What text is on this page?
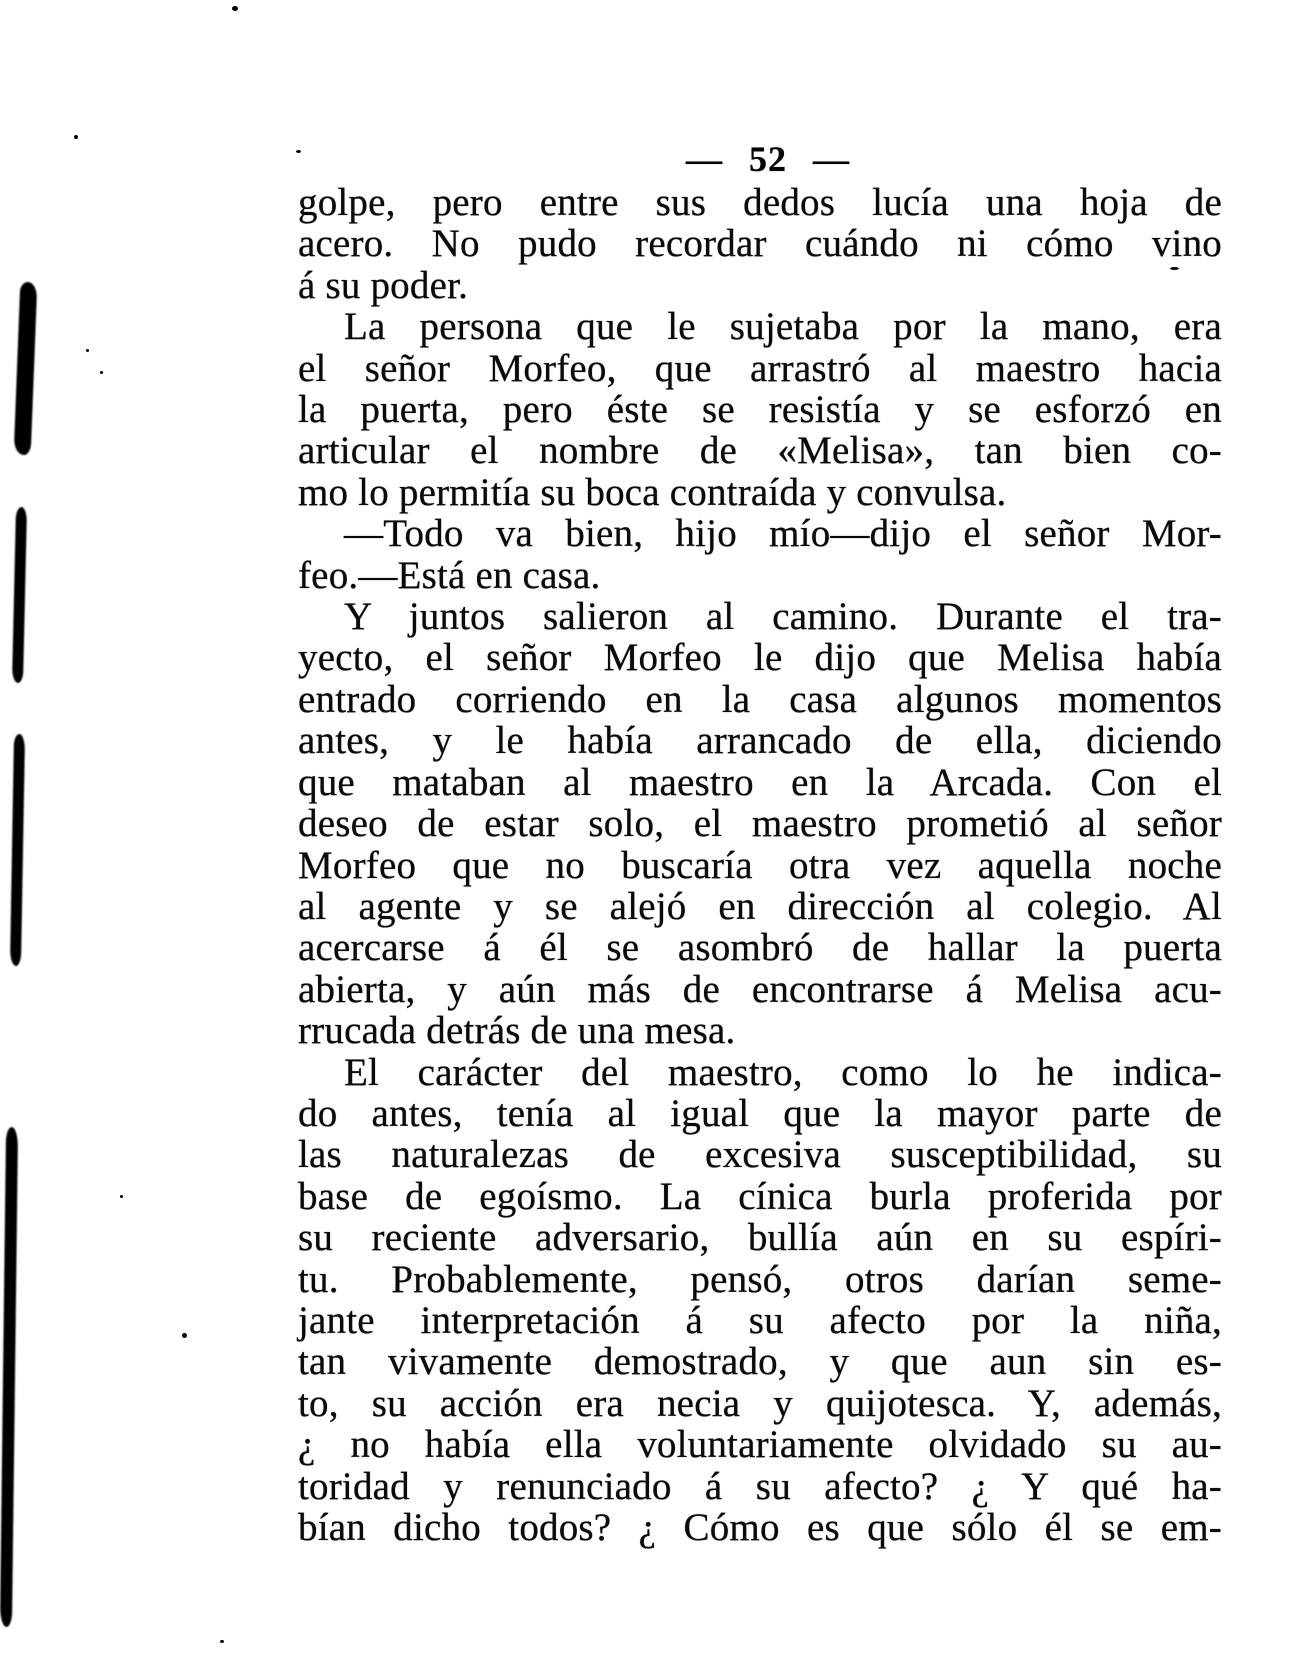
— 52 —
golpe, pero entre sus dedos lucía una hoja de
acero. No pudo recordar cuándo ni cómo vino
á su poder.
La persona que le sujetaba por la mano, era
el señor Morfeo, que arrastró al maestro hacia
la puerta, pero éste se resistía y se esforzó en
articular el nombre de «Melisa», tan bien co-
mo lo permitía su boca contraída y convulsa.
—Todo va bien, hijo mío—dijo el señor Mor-
feo.—Está en casa.
Y juntos salieron al camino. Durante el tra-
yecto, el señor Morfeo le dijo que Melisa había
entrado corriendo en la casa algunos momentos
antes, y le había arrancado de ella, diciendo
que mataban al maestro en la Arcada. Con el
deseo de estar solo, el maestro prometió al señor
Morfeo que no buscaría otra vez aquella noche
al agente y se alejó en dirección al colegio. Al
acercarse á él se asombró de hallar la puerta
abierta, y aún más de encontrarse á Melisa acu-
rrucada detrás de una mesa.
El carácter del maestro, como lo he indica-
do antes, tenía al igual que la mayor parte de
las naturalezas de excesiva susceptibilidad, su
base de egoísmo. La cínica burla proferida por
su reciente adversario, bullía aún en su espíri-
tu. Probablemente, pensó, otros darían seme-
jante interpretación á su afecto por la niña,
tan vivamente demostrado, y que aun sin es-
to, su acción era necia y quijotesca. Y, además,
¿ no había ella voluntariamente olvidado su au-
toridad y renunciado á su afecto? ¿ Y qué ha-
bían dicho todos? ¿ Cómo es que sólo él se em-
